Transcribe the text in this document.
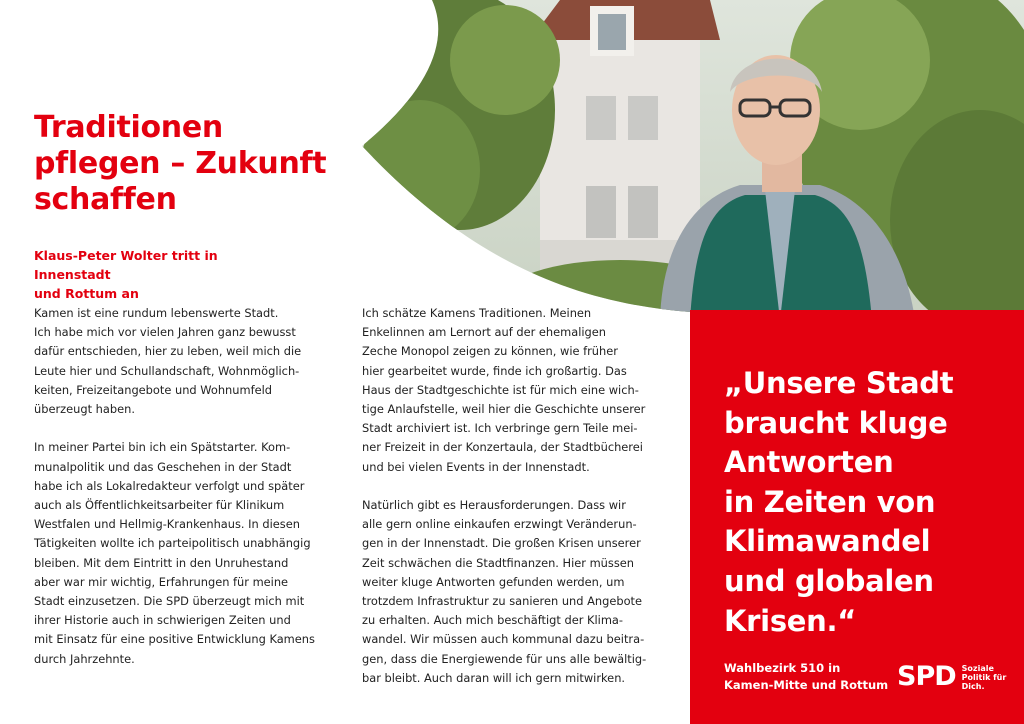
Traditionen
pflegen – Zukunft
schaffen
Klaus-Peter Wolter tritt in Innenstadt
und Rottum an

Kamen ist eine rundum lebenswerte Stadt.
Ich habe mich vor vielen Jahren ganz bewusst
dafür entschieden, hier zu leben, weil mich die
Leute hier und Schullandschaft, Wohnmöglich-
keiten, Freizeitangebote und Wohnumfeld
überzeugt haben.

In meiner Partei bin ich ein Spätstarter. Kom-
munalpolitik und das Geschehen in der Stadt
habe ich als Lokalredakteur verfolgt und später
auch als Öffentlichkeitsarbeiter für Klinikum
Westfalen und Hellmig-Krankenhaus. In diesen
Tätigkeiten wollte ich parteipolitisch unabhängig
bleiben. Mit dem Eintritt in den Unruhestand
aber war mir wichtig, Erfahrungen für meine
Stadt einzusetzen. Die SPD überzeugt mich mit
ihrer Historie auch in schwierigen Zeiten und
mit Einsatz für eine positive Entwicklung Kamens
durch Jahrzehnte.

Ich schätze Kamens Traditionen. Meinen
Enkelinnen am Lernort auf der ehemaligen
Zeche Monopol zeigen zu können, wie früher
hier gearbeitet wurde, finde ich großartig. Das
Haus der Stadtgeschichte ist für mich eine wich-
tige Anlaufstelle, weil hier die Geschichte unserer
Stadt archiviert ist. Ich verbringe gern Teile mei-
ner Freizeit in der Konzertaula, der Stadtbücherei
und bei vielen Events in der Innenstadt.

Natürlich gibt es Herausforderungen. Dass wir
alle gern online einkaufen erzwingt Veränderun-
gen in der Innenstadt. Die großen Krisen unserer
Zeit schwächen die Stadtfinanzen. Hier müssen
weiter kluge Antworten gefunden werden, um
trotzdem Infrastruktur zu sanieren und Angebote
zu erhalten. Auch mich beschäftigt der Klima-
wandel. Wir müssen auch kommunal dazu beitra-
gen, dass die Energiewende für uns alle bewältig-
bar bleibt. Auch daran will ich gern mitwirken.

„Unsere Stadt
braucht kluge
Antworten
in Zeiten von
Klimawandel
und globalen
Krisen.“
Wahlbezirk 510 in
Kamen-Mitte und Rottum SPD Soziale
Politik für
Dich.
